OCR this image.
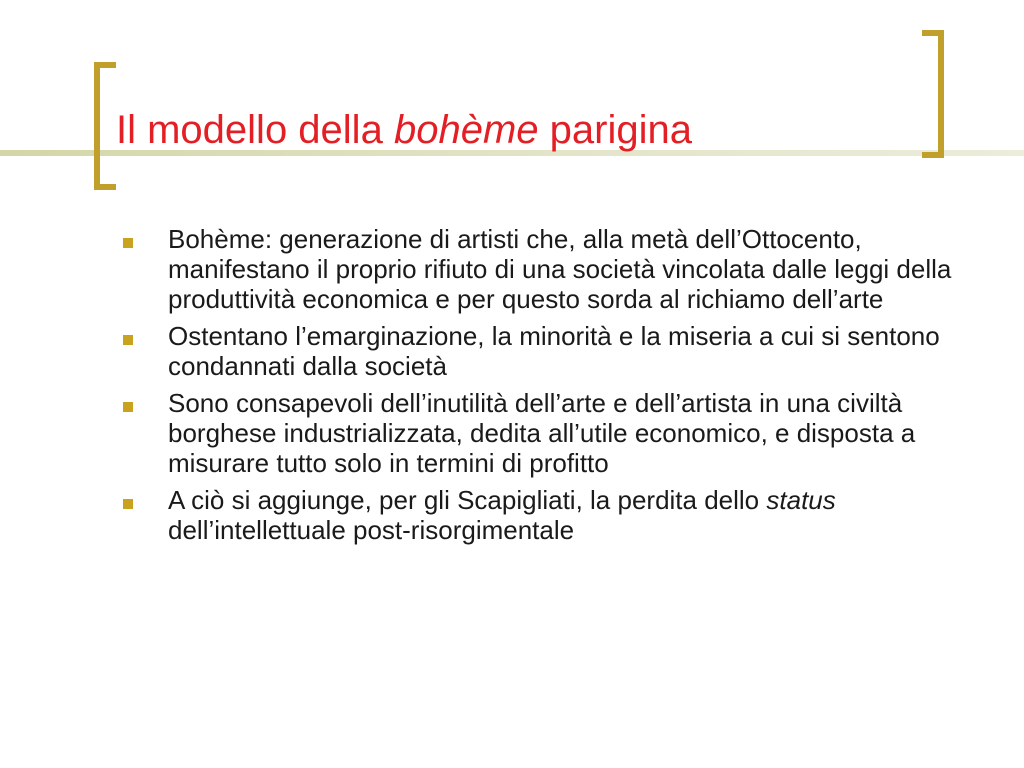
Il modello della bohème parigina
Bohème: generazione di artisti che, alla metà dell’Ottocento, manifestano il proprio rifiuto di una società vincolata dalle leggi della produttività economica e per questo sorda al richiamo dell’arte
Ostentano l’emarginazione, la minorità e la miseria a cui si sentono condannati dalla società
Sono consapevoli dell’inutilità dell’arte e dell’artista in una civiltà borghese industrializzata, dedita all’utile economico, e disposta a misurare tutto solo in termini di profitto
A ciò si aggiunge, per gli Scapigliati, la perdita dello status dell’intellettuale post-risorgimentale
